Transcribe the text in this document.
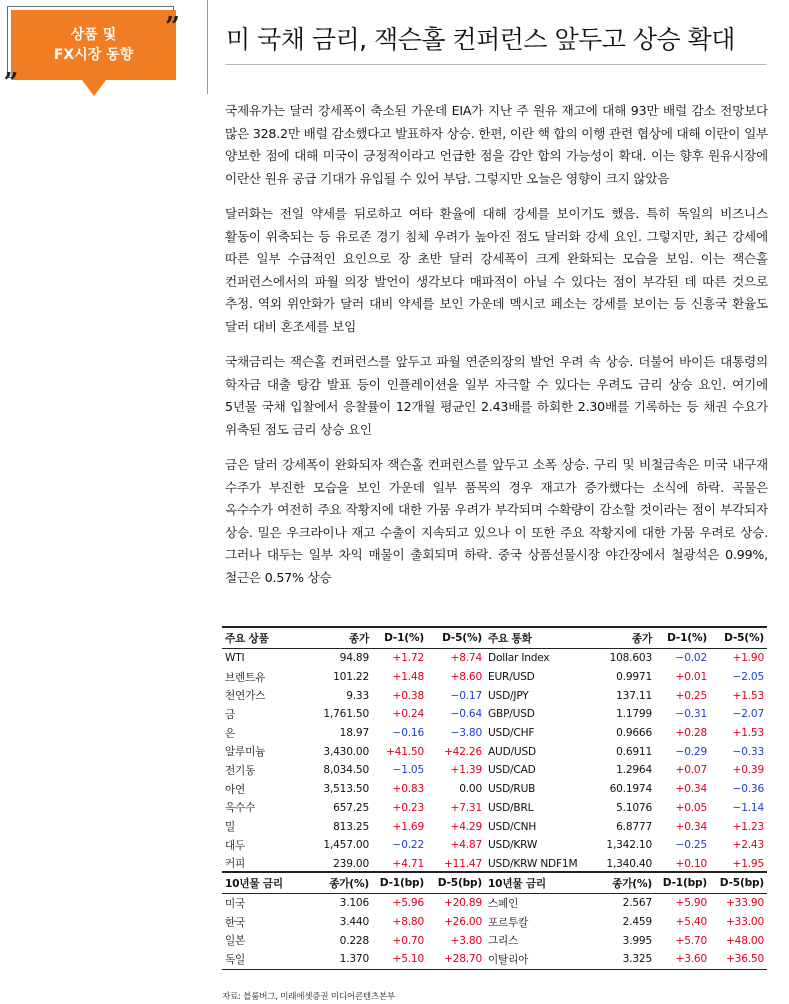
상품 및
FX시장 동향
”
„
미 국채 금리, 잭슨홀 컨퍼런스 앞두고 상승 확대

국제유가는 달러 강세폭이 축소된 가운데 EIA가 지난 주 원유 재고에 대해 93만 배럴 감소 전망보다 많은 328.2만 배럴 감소했다고 발표하자 상승. 한편, 이란 핵 합의 이행 관련 협상에 대해 이란이 일부 양보한 점에 대해 미국이 긍정적이라고 언급한 점을 감안 합의 가능성이 확대. 이는 향후 원유시장에 이란산 원유 공급 기대가 유입될 수 있어 부담. 그렇지만 오늘은 영향이 크지 않았음

달러화는 전일 약세를 뒤로하고 여타 환율에 대해 강세를 보이기도 했음. 특히 독일의 비즈니스 활동이 위축되는 등 유로존 경기 침체 우려가 높아진 점도 달러화 강세 요인. 그렇지만, 최근 강세에 따른 일부 수급적인 요인으로 장 초반 달러 강세폭이 크게 완화되는 모습을 보임. 이는 잭슨홀 컨퍼런스에서의 파월 의장 발언이 생각보다 매파적이 아닐 수 있다는 점이 부각된 데 따른 것으로 추정. 역외 위안화가 달러 대비 약세를 보인 가운데 멕시코 페소는 강세를 보이는 등 신흥국 환율도 달러 대비 혼조세를 보임

국채금리는 잭슨홀 컨퍼런스를 앞두고 파월 연준의장의 발언 우려 속 상승. 더불어 바이든 대통령의 학자금 대출 탕감 발표 등이 인플레이션을 일부 자극할 수 있다는 우려도 금리 상승 요인. 여기에 5년물 국채 입찰에서 응찰률이 12개월 평균인 2.43배를 하회한 2.30배를 기록하는 등 채권 수요가 위축된 점도 금리 상승 요인

금은 달러 강세폭이 완화되자 잭슨홀 컨퍼런스를 앞두고 소폭 상승. 구리 및 비철금속은 미국 내구재 수주가 부진한 모습을 보인 가운데 일부 품목의 경우 재고가 증가했다는 소식에 하락. 곡물은 옥수수가 여전히 주요 작황지에 대한 가뭄 우려가 부각되며 수확량이 감소할 것이라는 점이 부각되자 상승. 밀은 우크라이나 재고 수출이 지속되고 있으나 이 또한 주요 작황지에 대한 가뭄 우려로 상승. 그러나 대두는 일부 차익 매물이 출회되며 하락. 중국 상품선물시장 야간장에서 철광석은 0.99%, 철근은 0.57% 상승

주요 상품	종가	D-1(%)	D-5(%)	주요 통화	종가	D-1(%)	D-5(%)
WTI	94.89	+1.72	+8.74	Dollar Index	108.603	−0.02	+1.90
브렌트유	101.22	+1.48	+8.60	EUR/USD	0.9971	+0.01	−2.05
천연가스	9.33	+0.38	−0.17	USD/JPY	137.11	+0.25	+1.53
금	1,761.50	+0.24	−0.64	GBP/USD	1.1799	−0.31	−2.07
은	18.97	−0.16	−3.80	USD/CHF	0.9666	+0.28	+1.53
알루미늄	3,430.00	+41.50	+42.26	AUD/USD	0.6911	−0.29	−0.33
전기동	8,034.50	−1.05	+1.39	USD/CAD	1.2964	+0.07	+0.39
아연	3,513.50	+0.83	0.00	USD/RUB	60.1974	+0.34	−0.36
옥수수	657.25	+0.23	+7.31	USD/BRL	5.1076	+0.05	−1.14
밀	813.25	+1.69	+4.29	USD/CNH	6.8777	+0.34	+1.23
대두	1,457.00	−0.22	+4.87	USD/KRW	1,342.10	−0.25	+2.43
커피	239.00	+4.71	+11.47	USD/KRW NDF1M	1,340.40	+0.10	+1.95
10년물 금리	종가(%)	D-1(bp)	D-5(bp)	10년물 금리	종가(%)	D-1(bp)	D-5(bp)
미국	3.106	+5.96	+20.89	스페인	2.567	+5.90	+33.90
한국	3.440	+8.80	+26.00	포르투칼	2.459	+5.40	+33.00
일본	0.228	+0.70	+3.80	그리스	3.995	+5.70	+48.00
독일	1.370	+5.10	+28.70	이탈리아	3.325	+3.60	+36.50
자료: 블룸버그, 미래에셋증권 미디어콘텐츠본부
